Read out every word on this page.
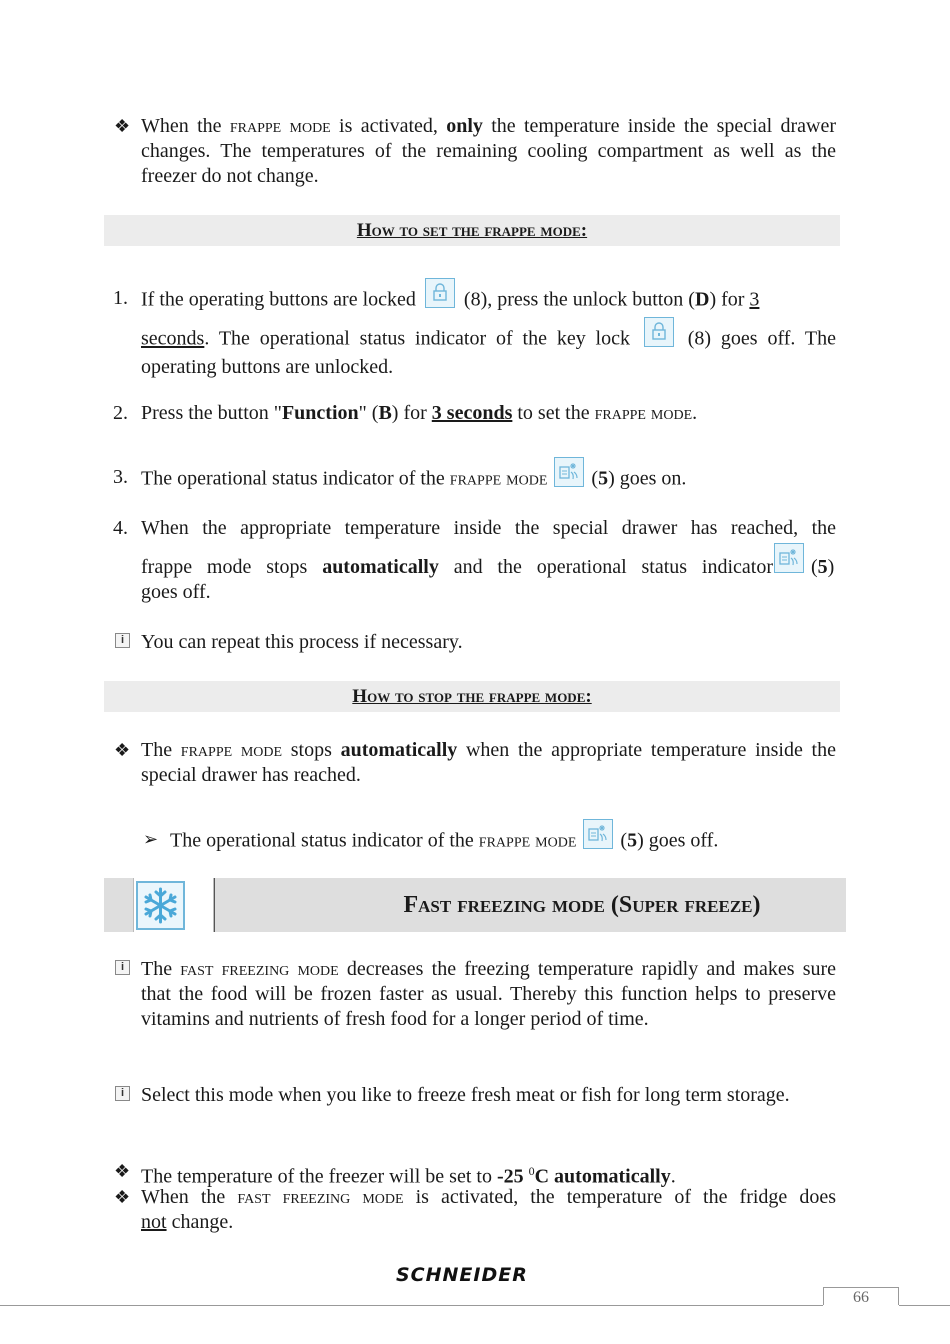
❖ When the frappe mode is activated, only the temperature inside the special drawer changes. The temperatures of the remaining cooling compartment as well as the freezer do not change.
How to set the frappe mode:
1. If the operating buttons are locked
(8), press the unlock button (D) for 3
seconds. The operational status indicator of the key lock
(8) goes off. The operating buttons are unlocked.
2. Press the button "Function" (B) for 3 seconds to set the frappe mode.
3. The operational status indicator of the frappe mode
(5) goes on.
4. When the appropriate temperature inside the special drawer has reached, the
frappe mode stops automatically and the operational status indicator (5)
goes off.
i You can repeat this process if necessary.
How to stop the frappe mode:
❖ The frappe mode stops automatically when the appropriate temperature inside the special drawer has reached.
➢ The operational status indicator of the frappe mode
(5) goes off.
Fast freezing mode (Super freeze)
i The fast freezing mode decreases the freezing temperature rapidly and makes sure that the food will be frozen faster as usual. Thereby this function helps to preserve vitamins and nutrients of fresh food for a longer period of time.
i Select this mode when you like to freeze fresh meat or fish for long term storage.
❖ The temperature of the freezer will be set to -25 $^0$C automatically.
❖ When the fast freezing mode is activated, the temperature of the fridge does
not change.
SCHNEIDER
66
